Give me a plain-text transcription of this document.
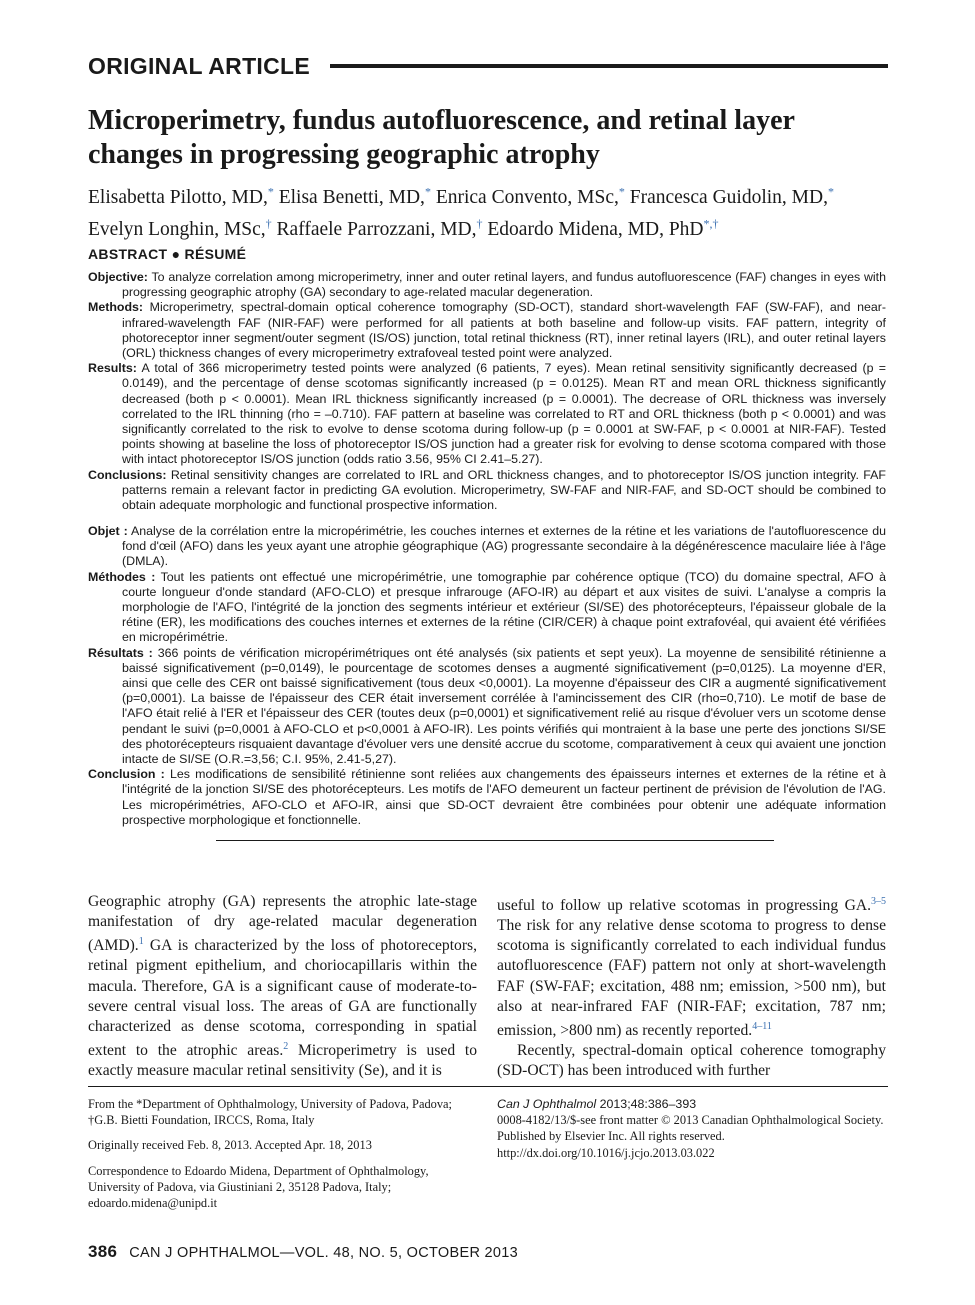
ORIGINAL ARTICLE
Microperimetry, fundus autofluorescence, and retinal layer changes in progressing geographic atrophy
Elisabetta Pilotto, MD,* Elisa Benetti, MD,* Enrica Convento, MSc,* Francesca Guidolin, MD,*
Evelyn Longhin, MSc,† Raffaele Parrozzani, MD,† Edoardo Midena, MD, PhD*,†
ABSTRACT ● RÉSUMÉ

Objective: To analyze correlation among microperimetry, inner and outer retinal layers, and fundus autofluorescence (FAF) changes in eyes with progressing geographic atrophy (GA) secondary to age-related macular degeneration.

Methods: Microperimetry, spectral-domain optical coherence tomography (SD-OCT), standard short-wavelength FAF (SW-FAF), and near-infrared-wavelength FAF (NIR-FAF) were performed for all patients at both baseline and follow-up visits. FAF pattern, integrity of photoreceptor inner segment/outer segment (IS/OS) junction, total retinal thickness (RT), inner retinal layers (IRL), and outer retinal layers (ORL) thickness changes of every microperimetry extrafoveal tested point were analyzed.

Results: A total of 366 microperimetry tested points were analyzed (6 patients, 7 eyes). Mean retinal sensitivity significantly decreased (p = 0.0149), and the percentage of dense scotomas significantly increased (p = 0.0125). Mean RT and mean ORL thickness significantly decreased (both p < 0.0001). Mean IRL thickness significantly increased (p = 0.0001). The decrease of ORL thickness was inversely correlated to the IRL thinning (rho = –0.710). FAF pattern at baseline was correlated to RT and ORL thickness (both p < 0.0001) and was significantly correlated to the risk to evolve to dense scotoma during follow-up (p = 0.0001 at SW-FAF, p < 0.0001 at NIR-FAF). Tested points showing at baseline the loss of photoreceptor IS/OS junction had a greater risk for evolving to dense scotoma compared with those with intact photoreceptor IS/OS junction (odds ratio 3.56, 95% CI 2.41–5.27).

Conclusions: Retinal sensitivity changes are correlated to IRL and ORL thickness changes, and to photoreceptor IS/OS junction integrity. FAF patterns remain a relevant factor in predicting GA evolution. Microperimetry, SW-FAF and NIR-FAF, and SD-OCT should be combined to obtain adequate morphologic and functional prospective information.

Objet : Analyse de la corrélation entre la micropérimétrie, les couches internes et externes de la rétine et les variations de l'autofluorescence du fond d'œil (AFO) dans les yeux ayant une atrophie géographique (AG) progressante secondaire à la dégénérescence maculaire liée à l'âge (DMLA).

Méthodes : Tout les patients ont effectué une micropérimétrie, une tomographie par cohérence optique (TCO) du domaine spectral, AFO à courte longueur d'onde standard (AFO-CLO) et presque infrarouge (AFO-IR) au départ et aux visites de suivi. L'analyse a compris la morphologie de l'AFO, l'intégrité de la jonction des segments intérieur et extérieur (SI/SE) des photorécepteurs, l'épaisseur globale de la rétine (ER), les modifications des couches internes et externes de la rétine (CIR/CER) à chaque point extrafovéal, qui avaient été vérifiées en micropérimétrie.

Résultats : 366 points de vérification micropérimétriques ont été analysés (six patients et sept yeux). La moyenne de sensibilité rétinienne a baissé significativement (p=0,0149), le pourcentage de scotomes denses a augmenté significativement (p=0,0125). La moyenne d'ER, ainsi que celle des CER ont baissé significativement (tous deux <0,0001). La moyenne d'épaisseur des CIR a augmenté significativement (p=0,0001). La baisse de l'épaisseur des CER était inversement corrélée à l'amincissement des CIR (rho=0,710). Le motif de base de l'AFO était relié à l'ER et l'épaisseur des CER (toutes deux (p=0,0001) et significativement relié au risque d'évoluer vers un scotome dense pendant le suivi (p=0,0001 à AFO-CLO et p<0,0001 à AFO-IR). Les points vérifiés qui montraient à la base une perte des jonctions SI/SE des photorécepteurs risquaient davantage d'évoluer vers une densité accrue du scotome, comparativement à ceux qui avaient une jonction intacte de SI/SE (O.R.=3,56; C.I. 95%, 2.41-5,27).

Conclusion : Les modifications de sensibilité rétinienne sont reliées aux changements des épaisseurs internes et externes de la rétine et à l'intégrité de la jonction SI/SE des photorécepteurs. Les motifs de l'AFO demeurent un facteur pertinent de prévision de l'évolution de l'AG. Les micropérimétries, AFO-CLO et AFO-IR, ainsi que SD-OCT devraient être combinées pour obtenir une adéquate information prospective morphologique et fonctionnelle.

Geographic atrophy (GA) represents the atrophic late-stage manifestation of dry age-related macular degeneration (AMD).$^1$ GA is characterized by the loss of photoreceptors, retinal pigment epithelium, and choriocapillaris within the macula. Therefore, GA is a significant cause of moderate-to-severe central visual loss. The areas of GA are functionally characterized as dense scotoma, corresponding in spatial extent to the atrophic areas.$^2$ Microperimetry is used to exactly measure macular retinal sensitivity (Se), and it is

useful to follow up relative scotomas in progressing GA.$^{3-5}$ The risk for any relative dense scotoma to progress to dense scotoma is significantly correlated to each individual fundus autofluorescence (FAF) pattern not only at short-wavelength FAF (SW-FAF; excitation, 488 nm; emission, >500 nm), but also at near-infrared FAF (NIR-FAF; excitation, 787 nm; emission, >800 nm) as recently reported.$^{4-11}$

Recently, spectral-domain optical coherence tomography (SD-OCT) has been introduced with further

From the *Department of Ophthalmology, University of Padova, Padova; †G.B. Bietti Foundation, IRCCS, Roma, Italy

Originally received Feb. 8, 2013. Accepted Apr. 18, 2013

Correspondence to Edoardo Midena, Department of Ophthalmology, University of Padova, via Giustiniani 2, 35128 Padova, Italy; edoardo.midena@unipd.it

Can J Ophthalmol 2013;48:386–393

0008-4182/13/$-see front matter © 2013 Canadian Ophthalmological Society. Published by Elsevier Inc. All rights reserved.

http://dx.doi.org/10.1016/j.jcjo.2013.03.022

386 CAN J OPHTHALMOL—VOL. 48, NO. 5, OCTOBER 2013
